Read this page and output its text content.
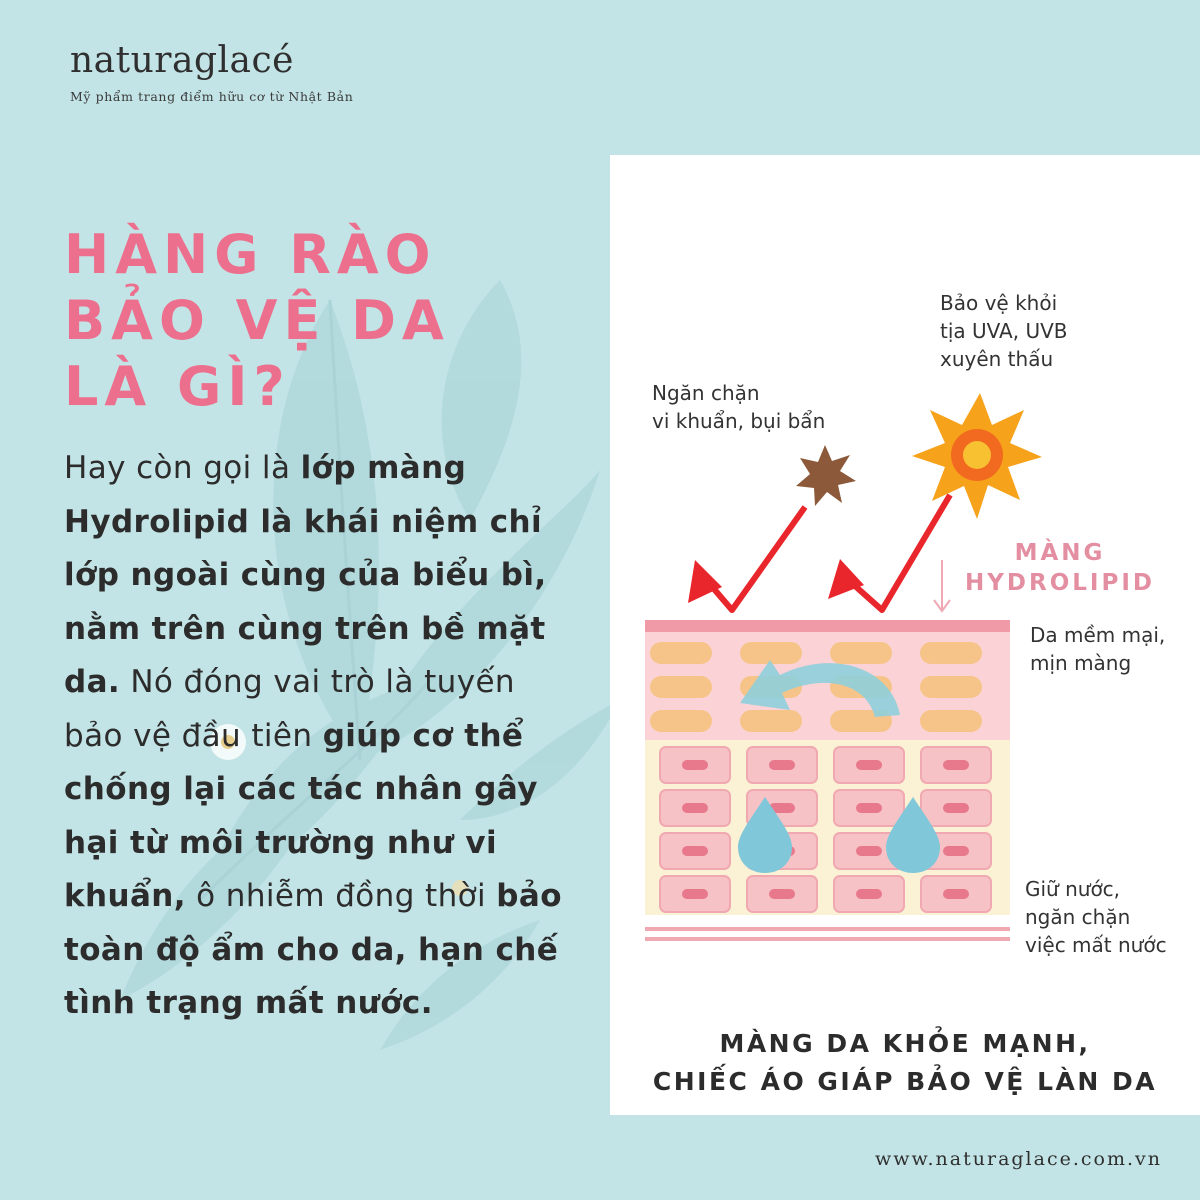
naturaglacé
Mỹ phẩm trang điểm hữu cơ từ Nhật Bản
HÀNG RÀO
BẢO VỆ DA
LÀ GÌ?
Hay còn gọi là lớp màng Hydrolipid là khái niệm chỉ lớp ngoài cùng của biểu bì, nằm trên cùng trên bề mặt da. Nó đóng vai trò là tuyến bảo vệ đầu tiên giúp cơ thể chống lại các tác nhân gây hại từ môi trường như vi khuẩn, ô nhiễm đồng thời bảo toàn độ ẩm cho da, hạn chế tình trạng mất nước.
Bảo vệ khỏi
tịa UVA, UVB
xuyên thấu
Ngăn chặn
vi khuẩn, bụi bẩn
MÀNG
HYDROLIPID
Da mềm mại,
mịn màng
Giữ nước,
ngăn chặn
việc mất nước
MÀNG DA KHỎE MẠNH,
CHIẾC ÁO GIÁP BẢO VỆ LÀN DA
www.naturaglace.com.vn
